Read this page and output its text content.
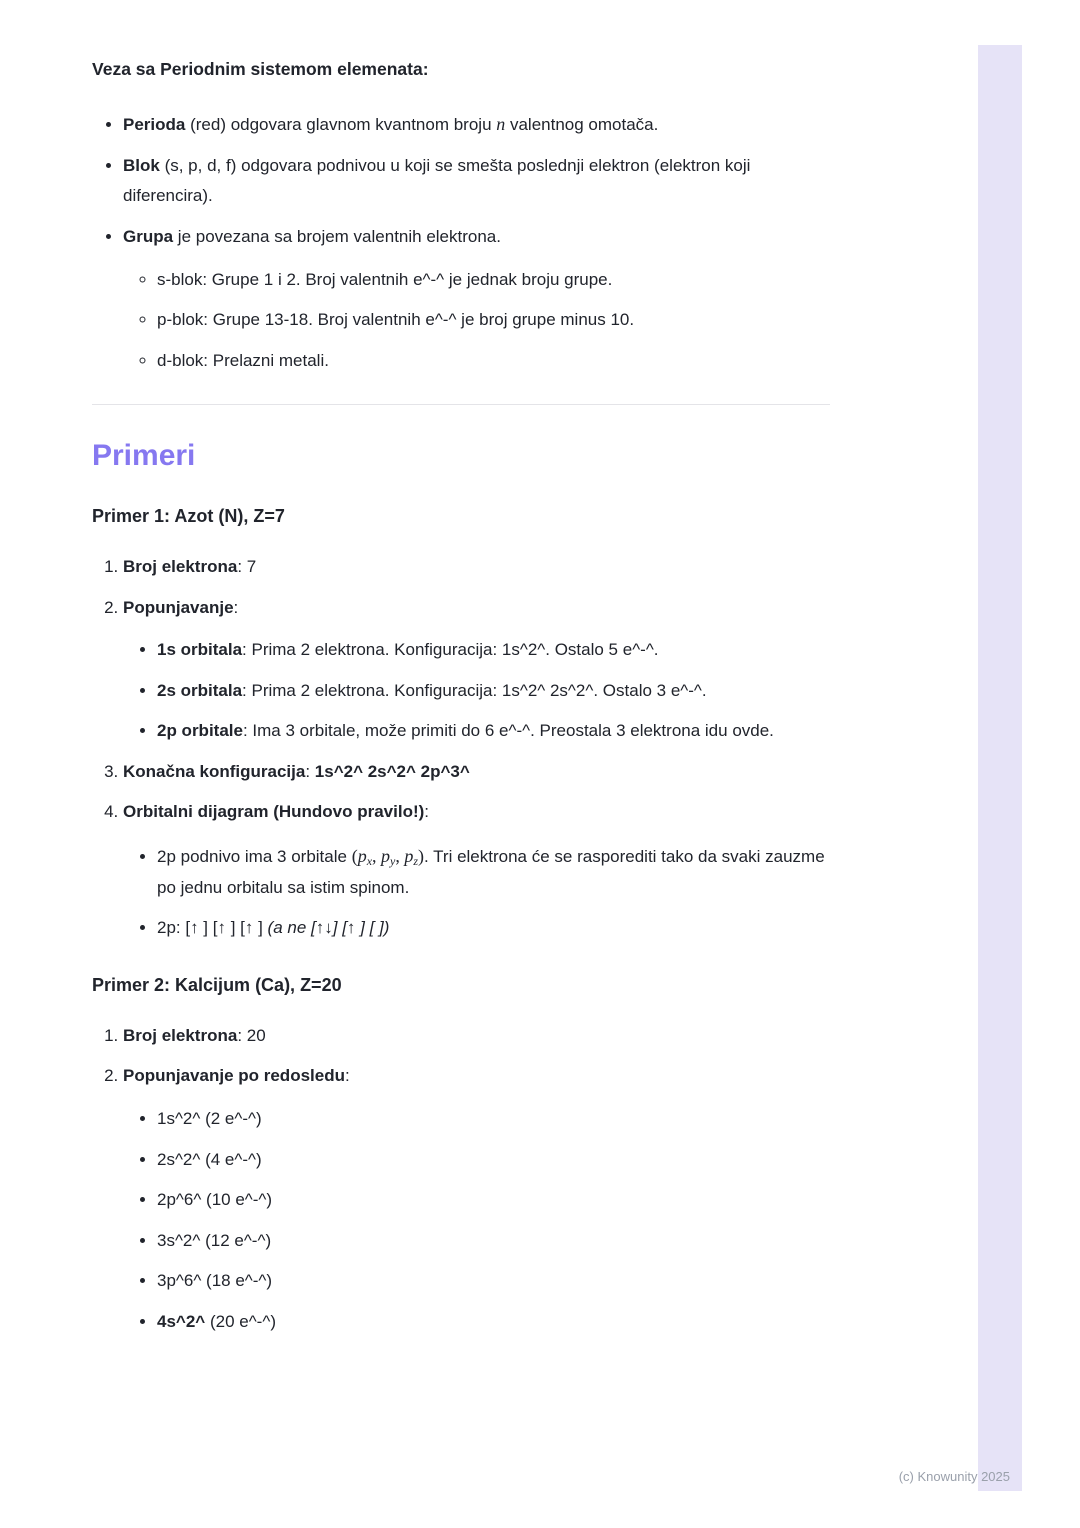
Veza sa Periodnim sistemom elemenata:
• Perioda (red) odgovara glavnom kvantnom broju n valentnog omotača.
• Blok (s, p, d, f) odgovara podnivou u koji se smešta poslednji elektron (elektron koji diferencira).
• Grupa je povezana sa brojem valentnih elektrona.
◦ s-blok: Grupe 1 i 2. Broj valentnih e^-^ je jednak broju grupe.
◦ p-blok: Grupe 13-18. Broj valentnih e^-^ je broj grupe minus 10.
◦ d-blok: Prelazni metali.
Primeri
Primer 1: Azot (N), Z=7
1. Broj elektrona: 7
2. Popunjavanje:
• 1s orbitala: Prima 2 elektrona. Konfiguracija: 1s^2^. Ostalo 5 e^-^.
• 2s orbitala: Prima 2 elektrona. Konfiguracija: 1s^2^ 2s^2^. Ostalo 3 e^-^.
• 2p orbitale: Ima 3 orbitale, može primiti do 6 e^-^. Preostala 3 elektrona idu ovde.
3. Konačna konfiguracija: 1s^2^ 2s^2^ 2p^3^
4. Orbitalni dijagram (Hundovo pravilo!):
• 2p podnivo ima 3 orbitale ($p_x$, $p_y$, $p_z$). Tri elektrona će se rasporediti tako da svaki zauzme po jednu orbitalu sa istim spinom.
• 2p: [↑ ] [↑ ] [↑ ] (a ne [↑↓] [↑ ] [ ])
Primer 2: Kalcijum (Ca), Z=20
1. Broj elektrona: 20
2. Popunjavanje po redosledu:
• 1s^2^ (2 e^-^)
• 2s^2^ (4 e^-^)
• 2p^6^ (10 e^-^)
• 3s^2^ (12 e^-^)
• 3p^6^ (18 e^-^)
• 4s^2^ (20 e^-^)
(c) Knowunity 2025
